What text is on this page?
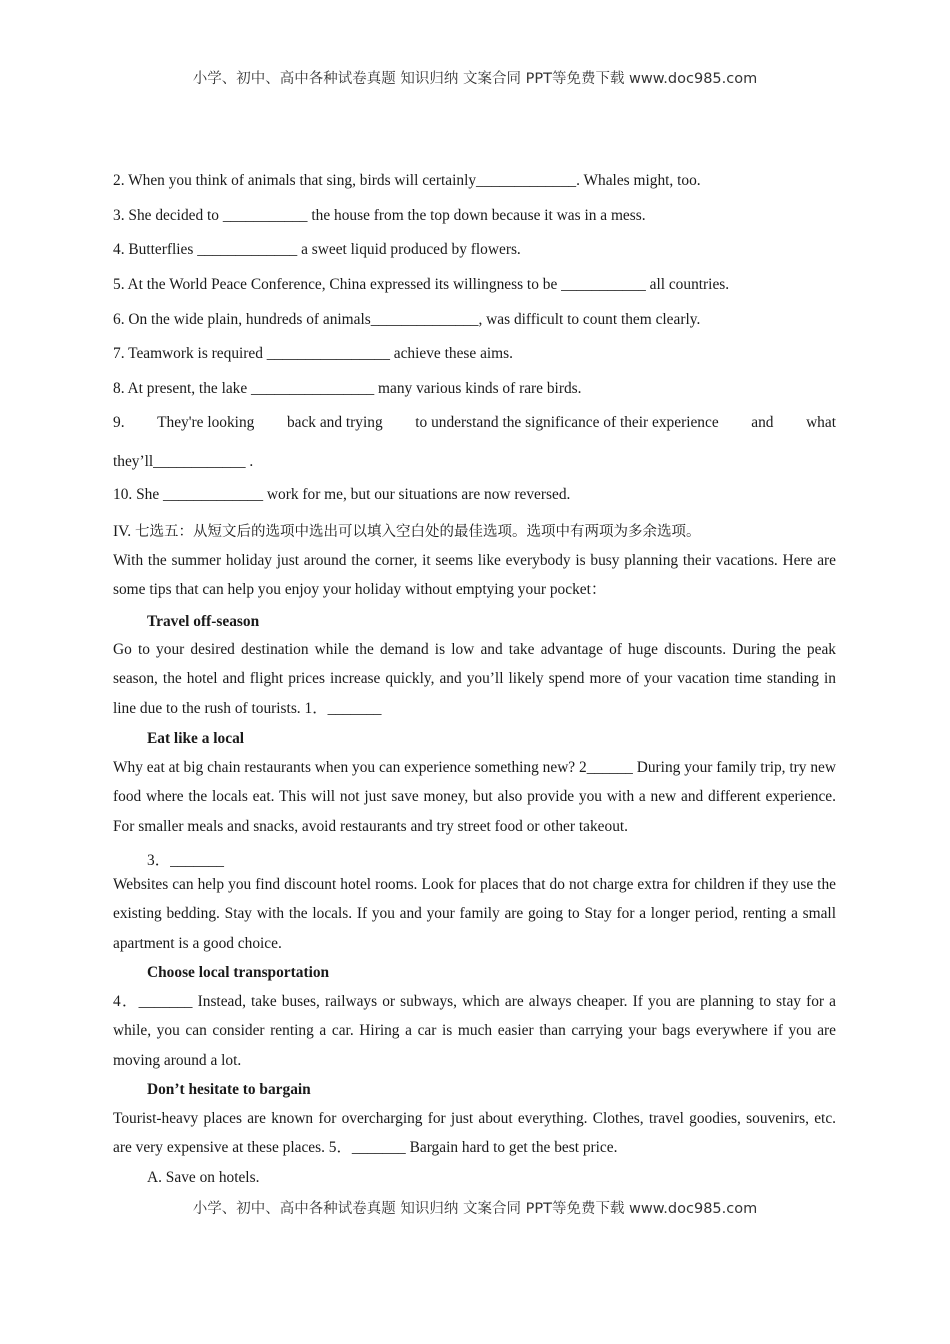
小学、初中、高中各种试卷真题 知识归纳 文案合同 PPT等免费下载 www.doc985.com
2. When you think of animals that sing, birds will certainly_____________. Whales might, too.
3. She decided to ___________ the house from the top down because it was in a mess.
4. Butterflies _____________ a sweet liquid produced by flowers.
5. At the World Peace Conference, China expressed its willingness to be ___________ all countries.
6. On the wide plain, hundreds of animals______________, was difficult to count them clearly.
7. Teamwork is required ________________ achieve these aims.
8. At present, the lake ________________ many various kinds of rare birds.
9. They're looking back and trying to understand the significance of their experience and what
they’ll____________ .
10. She _____________ work for me, but our situations are now reversed.
IV. 七选五：从短文后的选项中选出可以填入空白处的最佳选项。选项中有两项为多余选项。

With the summer holiday just around the corner, it seems like everybody is busy planning their vacations. Here are some tips that can help you enjoy your holiday without emptying your pocket：

Travel off-season

Go to your desired destination while the demand is low and take advantage of huge discounts. During the peak season, the hotel and flight prices increase quickly, and you’ll likely spend more of your vacation time standing in line due to the rush of tourists. 1．_______

Eat like a local

Why eat at big chain restaurants when you can experience something new? 2______ During your family trip, try new food where the locals eat. This will not just save money, but also provide you with a new and different experience. For smaller meals and snacks, avoid restaurants and try street food or other takeout.

3．_______

Websites can help you find discount hotel rooms. Look for places that do not charge extra for children if they use the existing bedding. Stay with the locals. If you and your family are going to Stay for a longer period, renting a small apartment is a good choice.

Choose local transportation

4．_______ Instead, take buses, railways or subways, which are always cheaper. If you are planning to stay for a while, you can consider renting a car. Hiring a car is much easier than carrying your bags everywhere if you are moving around a lot.

Don’t hesitate to bargain

Tourist-heavy places are known for overcharging for just about everything. Clothes, travel goodies, souvenirs, etc. are very expensive at these places. 5．_______ Bargain hard to get the best price.

A. Save on hotels.
小学、初中、高中各种试卷真题 知识归纳 文案合同 PPT等免费下载 www.doc985.com
